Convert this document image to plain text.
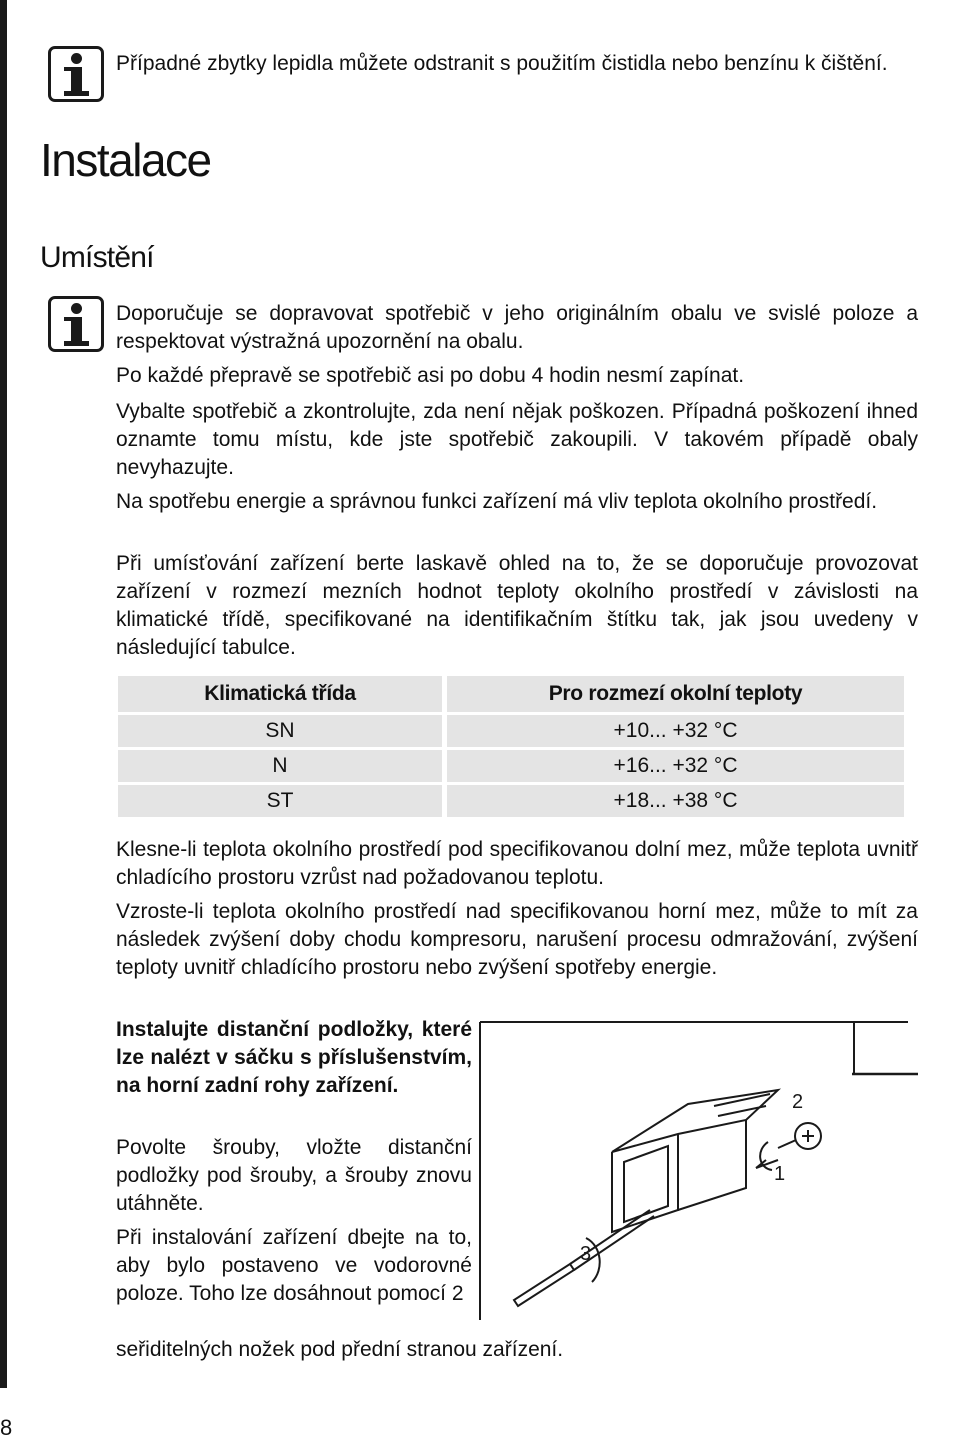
Případné zbytky lepidla můžete odstranit s použitím čistidla nebo benzínu k čištění.

Instalace
Umístění

Doporučuje se dopravovat spotřebič v jeho originálním obalu ve svislé poloze a respektovat výstražná upozornění na obalu.

Po každé přepravě se spotřebič asi po dobu 4 hodin nesmí zapínat.

Vybalte spotřebič a zkontrolujte, zda není nějak poškozen. Případná poškození ihned oznamte tomu místu, kde jste spotřebič zakoupili. V takovém případě obaly nevyhazujte.

Na spotřebu energie a správnou funkci zařízení má vliv teplota okolního prostředí.

Při umísťování zařízení berte laskavě ohled na to, že se doporučuje provozovat zařízení v rozmezí mezních hodnot teploty okolního prostředí v závislosti na klimatické třídě, specifikované na identifikačním štítku tak, jak jsou uvedeny v následující tabulce.

Klimatická třída	Pro rozmezí okolní teploty
SN	+10... +32 °C
N	+16... +32 °C
ST	+18... +38 °C

Klesne-li teplota okolního prostředí pod specifikovanou dolní mez, může teplota uvnitř chladícího prostoru vzrůst nad požadovanou teplotu.

Vzroste-li teplota okolního prostředí nad specifikovanou horní mez, může to mít za následek zvýšení doby chodu kompresoru, narušení procesu odmražování, zvýšení teploty uvnitř chladícího prostoru nebo zvýšení spotřeby energie.

Instalujte distanční podložky, které lze nalézt v sáčku s příslušenstvím, na horní zadní rohy zařízení.

Povolte šrouby, vložte distanční podložky pod šrouby, a šrouby znovu utáhněte.

Při instalování zařízení dbejte na to, aby bylo postaveno ve vodorovné poloze. Toho lze dosáhnout pomocí 2

seřiditelných nožek pod přední stranou zařízení.

2
1
3
8
